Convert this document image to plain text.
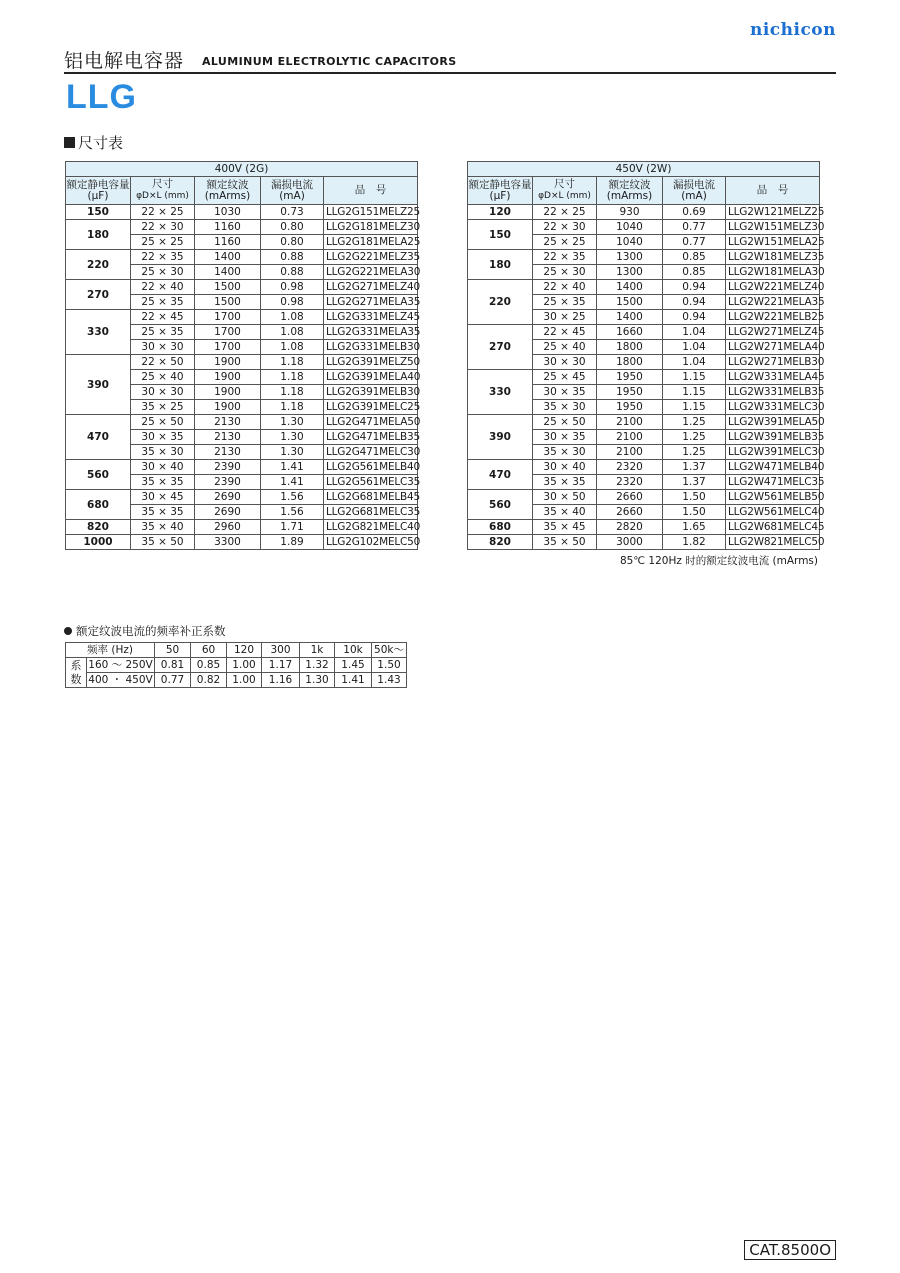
nichicon
铝电解电容器 ALUMINUM ELECTROLYTIC CAPACITORS
LLG
尺寸表
400V (2G)				
额定静电容量
(μF)	尺寸
φD×L (mm)	额定纹波
(mArms)	漏损电流
(mA)	品　号
150	22 × 25	1030	0.73	LLG2G151MELZ25
180	22 × 30	1160	0.80	LLG2G181MELZ30
	25 × 25	1160	0.80	LLG2G181MELA25
220	22 × 35	1400	0.88	LLG2G221MELZ35
	25 × 30	1400	0.88	LLG2G221MELA30
270	22 × 40	1500	0.98	LLG2G271MELZ40
	25 × 35	1500	0.98	LLG2G271MELA35
330	22 × 45	1700	1.08	LLG2G331MELZ45
	25 × 35	1700	1.08	LLG2G331MELA35
	30 × 30	1700	1.08	LLG2G331MELB30
390	22 × 50	1900	1.18	LLG2G391MELZ50
	25 × 40	1900	1.18	LLG2G391MELA40
	30 × 30	1900	1.18	LLG2G391MELB30
	35 × 25	1900	1.18	LLG2G391MELC25
470	25 × 50	2130	1.30	LLG2G471MELA50
	30 × 35	2130	1.30	LLG2G471MELB35
	35 × 30	2130	1.30	LLG2G471MELC30
560	30 × 40	2390	1.41	LLG2G561MELB40
	35 × 35	2390	1.41	LLG2G561MELC35
680	30 × 45	2690	1.56	LLG2G681MELB45
	35 × 35	2690	1.56	LLG2G681MELC35
820	35 × 40	2960	1.71	LLG2G821MELC40
1000	35 × 50	3300	1.89	LLG2G102MELC50
450V (2W)				
额定静电容量
(μF)	尺寸
φD×L (mm)	额定纹波
(mArms)	漏损电流
(mA)	品　号
120	22 × 25	930	0.69	LLG2W121MELZ25
150	22 × 30	1040	0.77	LLG2W151MELZ30
	25 × 25	1040	0.77	LLG2W151MELA25
180	22 × 35	1300	0.85	LLG2W181MELZ35
	25 × 30	1300	0.85	LLG2W181MELA30
220	22 × 40	1400	0.94	LLG2W221MELZ40
	25 × 35	1500	0.94	LLG2W221MELA35
	30 × 25	1400	0.94	LLG2W221MELB25
270	22 × 45	1660	1.04	LLG2W271MELZ45
	25 × 40	1800	1.04	LLG2W271MELA40
	30 × 30	1800	1.04	LLG2W271MELB30
330	25 × 45	1950	1.15	LLG2W331MELA45
	30 × 35	1950	1.15	LLG2W331MELB35
	35 × 30	1950	1.15	LLG2W331MELC30
390	25 × 50	2100	1.25	LLG2W391MELA50
	30 × 35	2100	1.25	LLG2W391MELB35
	35 × 30	2100	1.25	LLG2W391MELC30
470	30 × 40	2320	1.37	LLG2W471MELB40
	35 × 35	2320	1.37	LLG2W471MELC35
560	30 × 50	2660	1.50	LLG2W561MELB50
	35 × 40	2660	1.50	LLG2W561MELC40
680	35 × 45	2820	1.65	LLG2W681MELC45
820	35 × 50	3000	1.82	LLG2W821MELC50
85℃ 120Hz 时的额定纹波电流 (mArms)
额定纹波电流的频率补正系数
频率 (Hz)		50	60	120	300	1k	10k	50k～
系
数	160 ～ 250V	0.81	0.85	1.00	1.17	1.32	1.45	1.50
	400 ・ 450V	0.77	0.82	1.00	1.16	1.30	1.41	1.43
CAT.8500O
